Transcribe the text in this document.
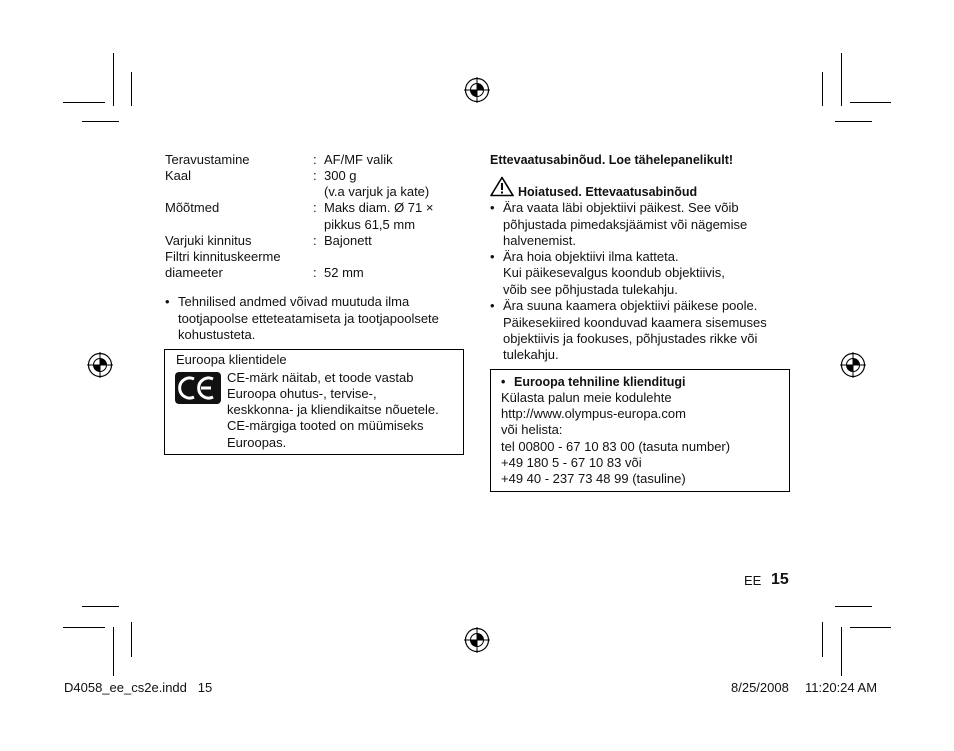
Teravustamine	: AF/MF valik
Kaal	: 300 g
(v.a varjuk ja kate)
Mõõtmed	: Maks diam. Ø 71 ×
pikkus 61,5 mm
Varjuki kinnitus	: Bajonett
Filtri kinnituskeerme
diameeter	: 52 mm
• Tehnilised andmed võivad muutuda ilma
tootjapoolse etteteatamiseta ja tootjapoolsete
kohustusteta.
Euroopa klientidele
CE-märk näitab, et toode vastab
Euroopa ohutus-, tervise-,
keskkonna- ja kliendikaitse nõuetele.
CE-märgiga tooted on müümiseks
Euroopas.
Ettevaatusabinõud. Loe tähelepanelikult!
Hoiatused. Ettevaatusabinõud
• Ära vaata läbi objektiivi päikest. See võib
põhjustada pimedaksjäämist või nägemise
halvenemist.
• Ära hoia objektiivi ilma katteta.
Kui päikesevalgus koondub objektiivis,
võib see põhjustada tulekahju.
• Ära suuna kaamera objektiivi päikese poole.
Päikesekiired koonduvad kaamera sisemuses
objektiivis ja fookuses, põhjustades rikke või
tulekahju.
• Euroopa tehniline klienditugi
Külasta palun meie kodulehte
http://www.olympus-europa.com
või helista:
tel 00800 - 67 10 83 00 (tasuta number)
+49 180 5 - 67 10 83 või
+49 40 - 237 73 48 99 (tasuline)
EE 15
D4058_ee_cs2e.indd   15	8/25/2008 11:20:24 AM
